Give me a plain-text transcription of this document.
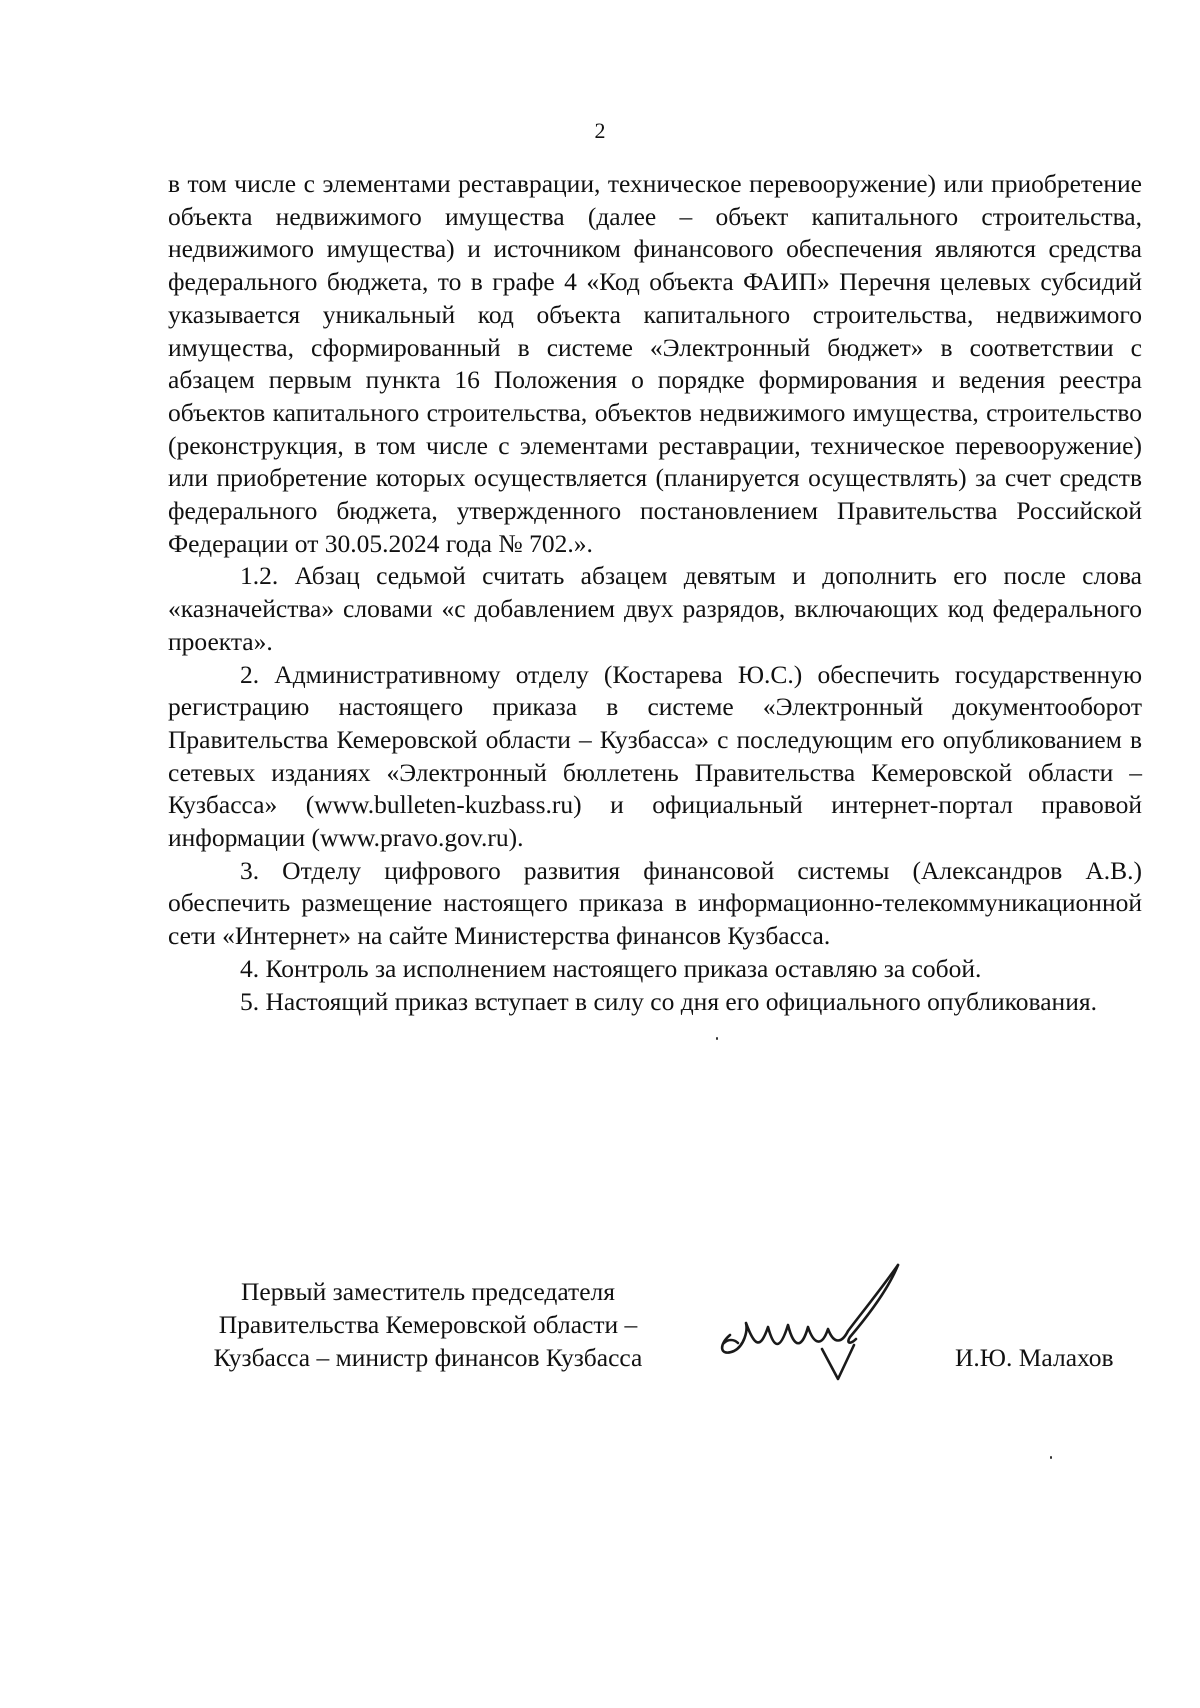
2

в том числе с элементами реставрации, техническое перевооружение) или приобретение объекта недвижимого имущества (далее – объект капитального строительства, недвижимого имущества) и источником финансового обеспечения являются средства федерального бюджета, то в графе 4 «Код объекта ФАИП» Перечня целевых субсидий указывается уникальный код объекта капитального строительства, недвижимого имущества, сформированный в системе «Электронный бюджет» в соответствии с абзацем первым пункта 16 Положения о порядке формирования и ведения реестра объектов капитального строительства, объектов недвижимого имущества, строительство (реконструкция, в том числе с элементами реставрации, техническое перевооружение) или приобретение которых осуществляется (планируется осуществлять) за счет средств федерального бюджета, утвержденного постановлением Правительства Российской Федерации от 30.05.2024 года № 702.».

1.2. Абзац седьмой считать абзацем девятым и дополнить его после слова «казначейства» словами «с добавлением двух разрядов, включающих код федерального проекта».

2. Административному отделу (Костарева Ю.С.) обеспечить государственную регистрацию настоящего приказа в системе «Электронный документооборот Правительства Кемеровской области – Кузбасса» с последующим его опубликованием в сетевых изданиях «Электронный бюллетень Правительства Кемеровской области – Кузбасса» (www.bulleten-kuzbass.ru) и официальный интернет-портал правовой информации (www.pravo.gov.ru).

3. Отделу цифрового развития финансовой системы (Александров А.В.) обеспечить размещение настоящего приказа в информационно-телекоммуникационной сети «Интернет» на сайте Министерства финансов Кузбасса.

4. Контроль за исполнением настоящего приказа оставляю за собой.

5. Настоящий приказ вступает в силу со дня его официального опубликования.

Первый заместитель председателя
Правительства Кемеровской области –
Кузбасса – министр финансов Кузбасса	И.Ю. Малахов
